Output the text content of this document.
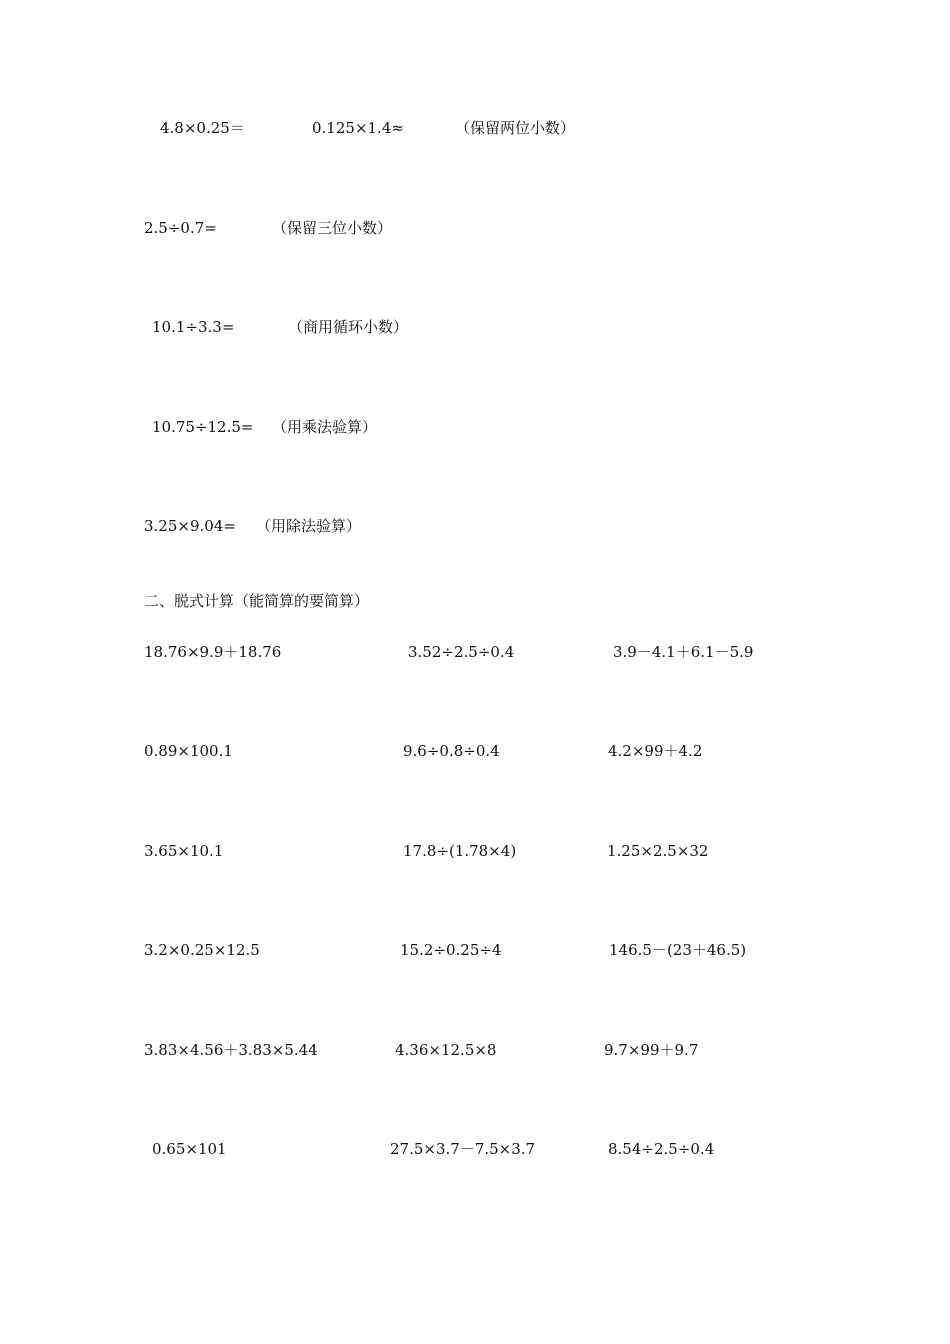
4.8×0.25＝	0.125×1.4≈	（保留两位小数）
2.5÷0.7=	（保留三位小数）
10.1÷3.3=	（商用循环小数）
10.75÷12.5= （用乘法验算）
3.25×9.04= （用除法验算）
二、脱式计算（能简算的要简算）
18.76×9.9＋18.76	3.52÷2.5÷0.4	3.9－4.1＋6.1－5.9
0.89×100.1	9.6÷0.8÷0.4	4.2×99＋4.2
3.65×10.1	17.8÷(1.78×4)	1.25×2.5×32
3.2×0.25×12.5	15.2÷0.25÷4	146.5－(23＋46.5)
3.83×4.56＋3.83×5.44	4.36×12.5×8	9.7×99＋9.7
0.65×101	27.5×3.7－7.5×3.7	8.54÷2.5÷0.4
